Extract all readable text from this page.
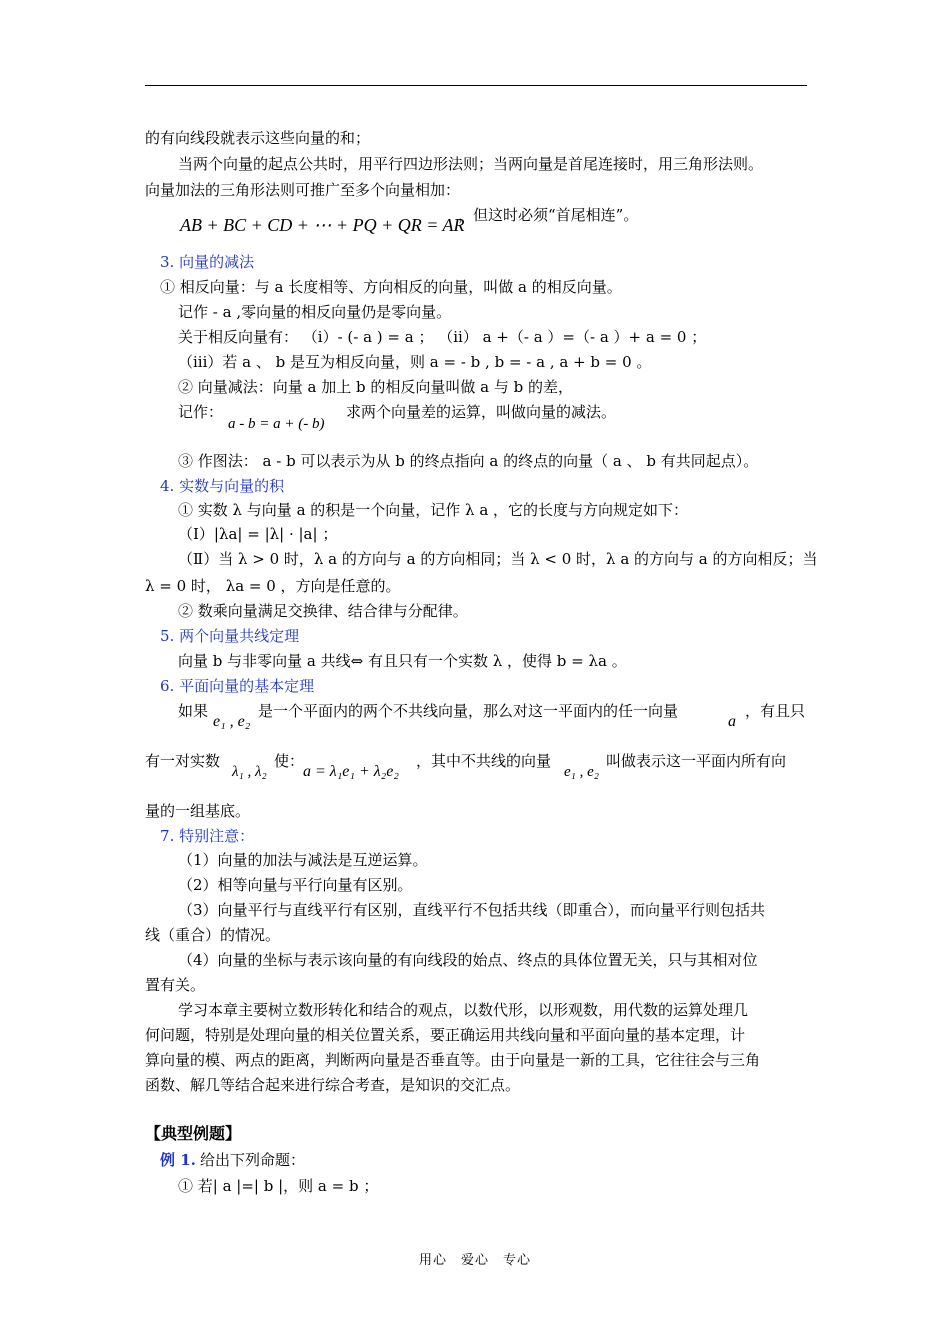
的有向线段就表示这些向量的和；
当两个向量的起点公共时，用平行四边形法则；当两向量是首尾连接时，用三角形法则。
向量加法的三角形法则可推广至多个向量相加：
AB + BC + CD + ⋯ + PQ + QR = AR
，但这时必须“首尾相连”。
3. 向量的减法
① 相反向量：与 a 长度相等、方向相反的向量，叫做 a 的相反向量。
记作 - a ,零向量的相反向量仍是零向量。
关于相反向量有： （i）- (- a ) = a ； （ii） a +（- a ）=（- a ）+ a = 0 ；
（iii）若 a 、 b 是互为相反向量，则 a = - b , b = - a , a + b = 0 。
② 向量减法：向量 a 加上 b 的相反向量叫做 a 与 b 的差，
记作：
a - b = a + (- b)
求两个向量差的运算，叫做向量的减法。
③ 作图法： a - b 可以表示为从 b 的终点指向 a 的终点的向量（ a 、 b 有共同起点）。
4. 实数与向量的积
① 实数 λ 与向量 a 的积是一个向量，记作 λ a ，它的长度与方向规定如下：
（Ⅰ）|λa| = |λ| · |a| ；
（Ⅱ）当 λ > 0 时，λ a 的方向与 a 的方向相同；当 λ < 0 时，λ a 的方向与 a 的方向相反；当
λ = 0 时， λa = 0 ，方向是任意的。
② 数乘向量满足交换律、结合律与分配律。
5. 两个向量共线定理
向量 b 与非零向量 a 共线⇔ 有且只有一个实数 λ ，使得 b = λa 。
6. 平面向量的基本定理
如果
e₁ , e₂
是一个平面内的两个不共线向量，那么对这一平面内的任一向量
a
，有且只
有一对实数
λ₁ , λ₂
使：
a = λ₁e₁ + λ₂e₂
，其中不共线的向量
e₁ , e₂
叫做表示这一平面内所有向
量的一组基底。
7. 特别注意：
（1）向量的加法与减法是互逆运算。
（2）相等向量与平行向量有区别。
（3）向量平行与直线平行有区别，直线平行不包括共线（即重合），而向量平行则包括共
线（重合）的情况。
（4）向量的坐标与表示该向量的有向线段的始点、终点的具体位置无关，只与其相对位
置有关。
学习本章主要树立数形转化和结合的观点，以数代形，以形观数，用代数的运算处理几
何问题，特别是处理向量的相关位置关系，要正确运用共线向量和平面向量的基本定理，计
算向量的模、两点的距离，判断两向量是否垂直等。由于向量是一新的工具，它往往会与三角
函数、解几等结合起来进行综合考查，是知识的交汇点。
【典型例题】
例 1. 给出下列命题：
① 若| a |=| b |，则 a = b ；
用心　爱心　专心
